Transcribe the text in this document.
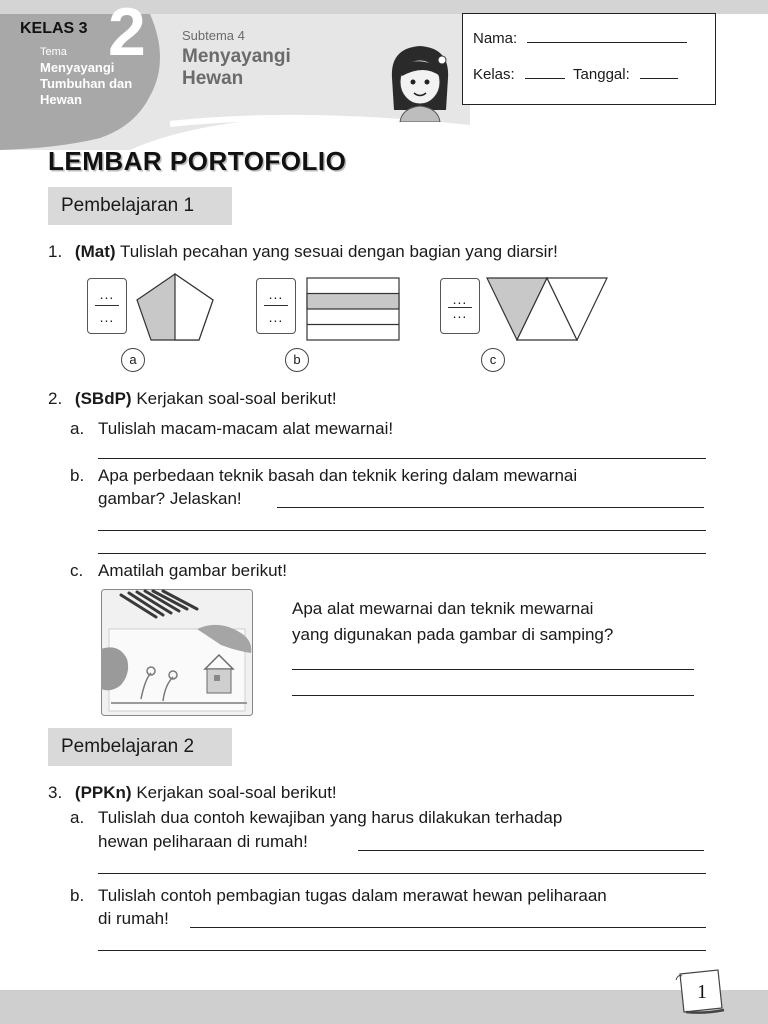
KELAS 3 2
Tema
Menyayangi Tumbuhan dan Hewan
Subtema 4
Menyayangi Hewan
Nama:
Kelas:	Tanggal:
LEMBAR PORTOFOLIO
Pembelajaran 1
1. (Mat) Tulislah pecahan yang sesuai dengan bagian yang diarsir!
...
...
a
...
...
b
...
...
c
2. (SBdP) Kerjakan soal-soal berikut!
a. Tulislah macam-macam alat mewarnai!
b. Apa perbedaan teknik basah dan teknik kering dalam mewarnai
gambar? Jelaskan!
c. Amatilah gambar berikut!
Apa alat mewarnai dan teknik mewarnai
yang digunakan pada gambar di samping?
Pembelajaran 2
3. (PPKn) Kerjakan soal-soal berikut!
a. Tulislah dua contoh kewajiban yang harus dilakukan terhadap
hewan peliharaan di rumah!
b. Tulislah contoh pembagian tugas dalam merawat hewan peliharaan
di rumah!
1
